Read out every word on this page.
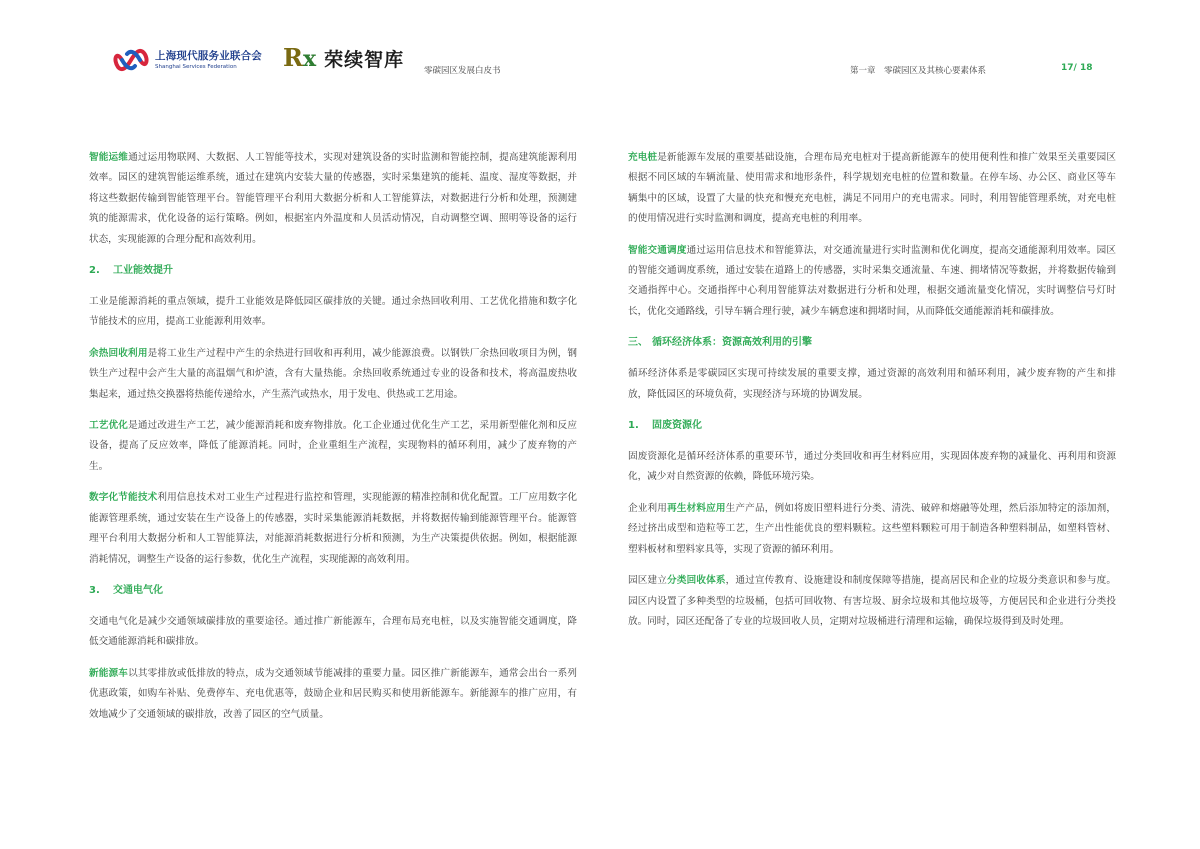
上海现代服务业联合会
Shanghai Services Federation	Rx 荣续智库
零碳园区发展白皮书	第一章　零碳园区及其核心要素体系	17/ 18

智能运维通过运用物联网、大数据、人工智能等技术，实现对建筑设备的实时监测和智能控制，提高建筑能源利用效率。园区的建筑智能运维系统，通过在建筑内安装大量的传感器，实时采集建筑的能耗、温度、湿度等数据，并将这些数据传输到智能管理平台。智能管理平台利用大数据分析和人工智能算法，对数据进行分析和处理，预测建筑的能源需求，优化设备的运行策略。例如，根据室内外温度和人员活动情况，自动调整空调、照明等设备的运行状态，实现能源的合理分配和高效利用。

2. 工业能效提升

工业是能源消耗的重点领域，提升工业能效是降低园区碳排放的关键。通过余热回收利用、工艺优化措施和数字化节能技术的应用，提高工业能源利用效率。

余热回收利用是将工业生产过程中产生的余热进行回收和再利用，减少能源浪费。以钢铁厂余热回收项目为例，钢铁生产过程中会产生大量的高温烟气和炉渣，含有大量热能。余热回收系统通过专业的设备和技术，将高温废热收集起来，通过热交换器将热能传递给水，产生蒸汽或热水，用于发电、供热或工艺用途。

工艺优化是通过改进生产工艺，减少能源消耗和废弃物排放。化工企业通过优化生产工艺，采用新型催化剂和反应设备，提高了反应效率，降低了能源消耗。同时，企业重组生产流程，实现物料的循环利用，减少了废弃物的产生。

数字化节能技术利用信息技术对工业生产过程进行监控和管理，实现能源的精准控制和优化配置。工厂应用数字化能源管理系统，通过安装在生产设备上的传感器，实时采集能源消耗数据，并将数据传输到能源管理平台。能源管理平台利用大数据分析和人工智能算法，对能源消耗数据进行分析和预测，为生产决策提供依据。例如，根据能源消耗情况，调整生产设备的运行参数，优化生产流程，实现能源的高效利用。

3. 交通电气化

交通电气化是减少交通领域碳排放的重要途径。通过推广新能源车，合理布局充电桩，以及实施智能交通调度，降低交通能源消耗和碳排放。

新能源车以其零排放或低排放的特点，成为交通领域节能减排的重要力量。园区推广新能源车，通常会出台一系列优惠政策，如购车补贴、免费停车、充电优惠等，鼓励企业和居民购买和使用新能源车。新能源车的推广应用，有效地减少了交通领域的碳排放，改善了园区的空气质量。

充电桩是新能源车发展的重要基础设施，合理布局充电桩对于提高新能源车的使用便利性和推广效果至关重要园区根据不同区域的车辆流量、使用需求和地形条件，科学规划充电桩的位置和数量。在停车场、办公区、商业区等车辆集中的区域，设置了大量的快充和慢充充电桩，满足不同用户的充电需求。同时，利用智能管理系统，对充电桩的使用情况进行实时监测和调度，提高充电桩的利用率。

智能交通调度通过运用信息技术和智能算法，对交通流量进行实时监测和优化调度，提高交通能源利用效率。园区的智能交通调度系统，通过安装在道路上的传感器，实时采集交通流量、车速、拥堵情况等数据，并将数据传输到交通指挥中心。交通指挥中心利用智能算法对数据进行分析和处理，根据交通流量变化情况，实时调整信号灯时长，优化交通路线，引导车辆合理行驶，减少车辆怠速和拥堵时间，从而降低交通能源消耗和碳排放。

三、 循环经济体系：资源高效利用的引擎

循环经济体系是零碳园区实现可持续发展的重要支撑，通过资源的高效利用和循环利用，减少废弃物的产生和排放，降低园区的环境负荷，实现经济与环境的协调发展。

1. 固废资源化

固废资源化是循环经济体系的重要环节，通过分类回收和再生材料应用，实现固体废弃物的减量化、再利用和资源化，减少对自然资源的依赖，降低环境污染。

企业利用再生材料应用生产产品，例如将废旧塑料进行分类、清洗、破碎和熔融等处理，然后添加特定的添加剂，经过挤出成型和造粒等工艺，生产出性能优良的塑料颗粒。这些塑料颗粒可用于制造各种塑料制品，如塑料管材、塑料板材和塑料家具等，实现了资源的循环利用。

园区建立分类回收体系，通过宣传教育、设施建设和制度保障等措施，提高居民和企业的垃圾分类意识和参与度。园区内设置了多种类型的垃圾桶，包括可回收物、有害垃圾、厨余垃圾和其他垃圾等，方便居民和企业进行分类投放。同时，园区还配备了专业的垃圾回收人员，定期对垃圾桶进行清理和运输，确保垃圾得到及时处理。
